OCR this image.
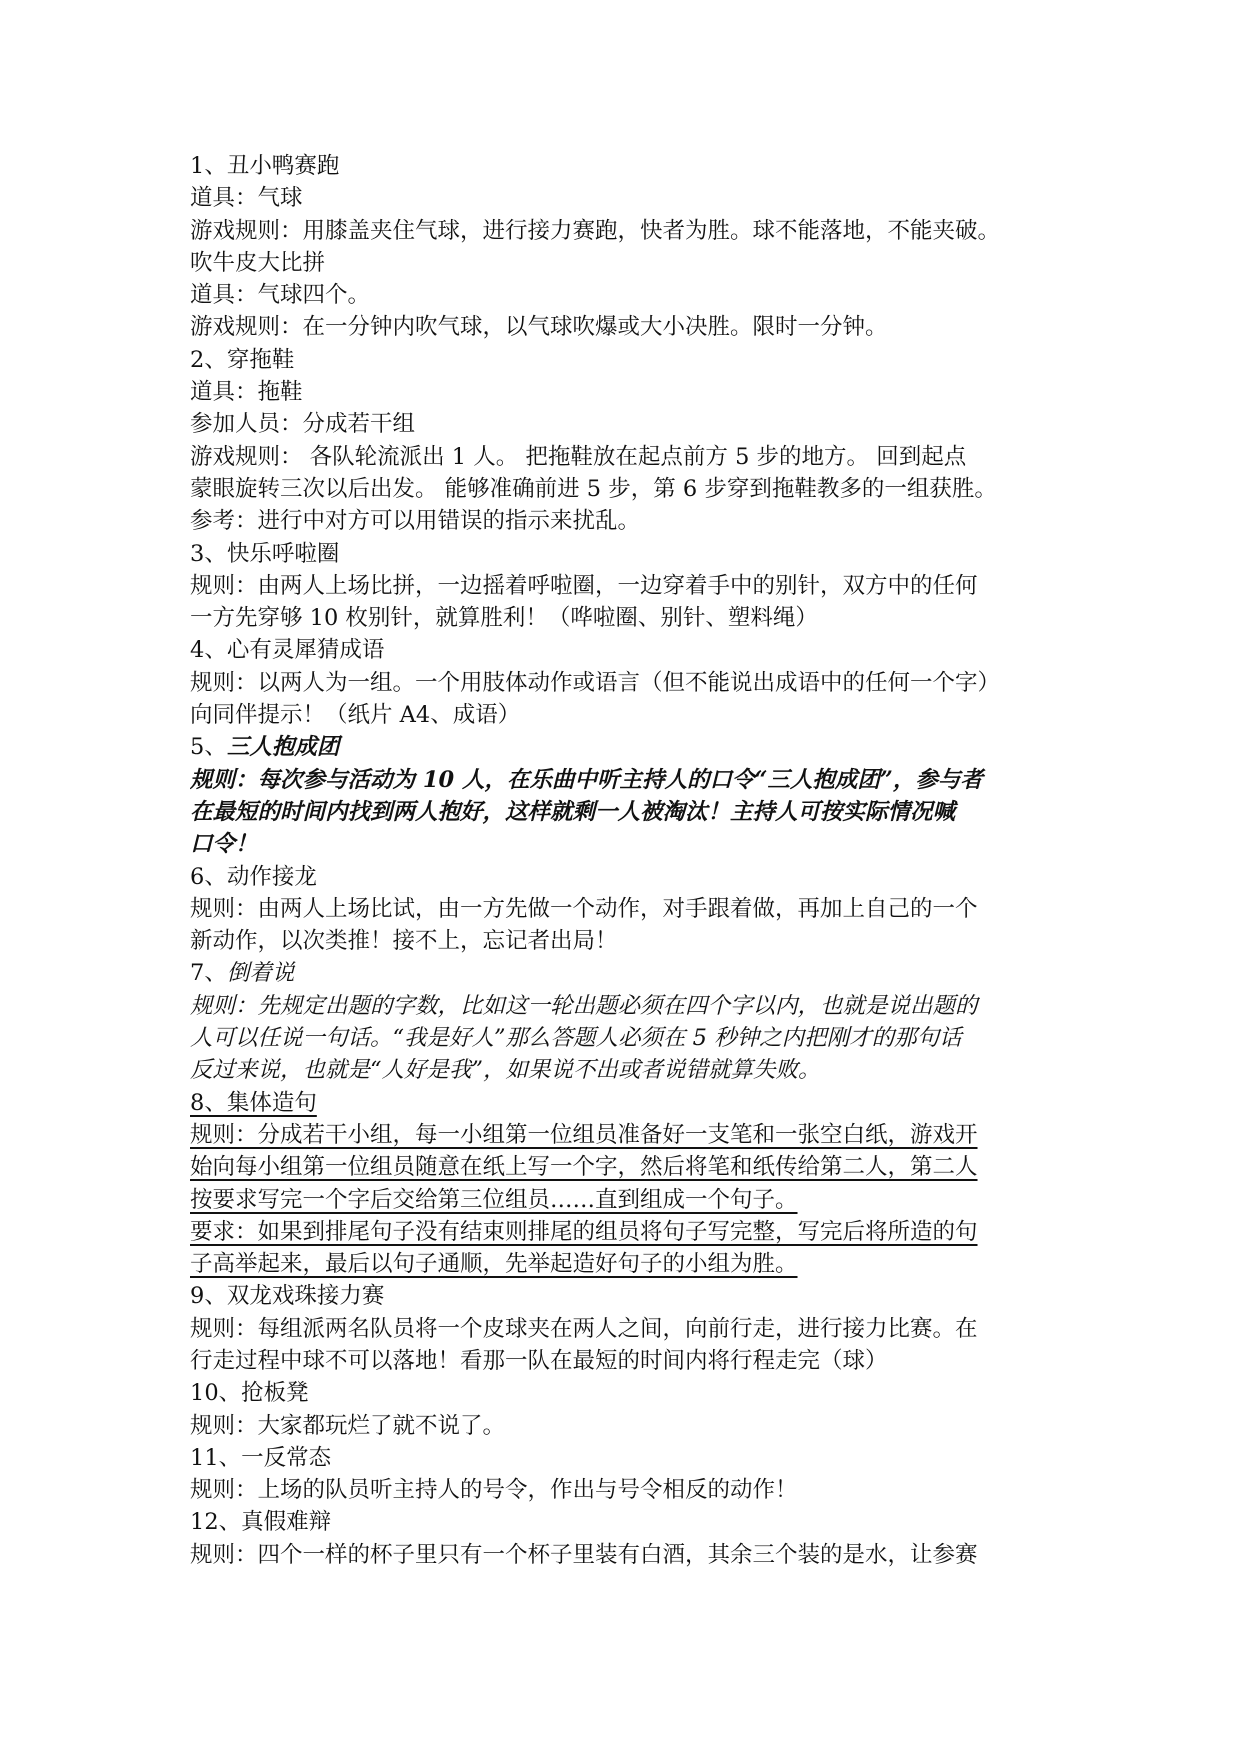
1、丑小鸭赛跑
道具：气球
游戏规则：用膝盖夹住气球，进行接力赛跑，快者为胜。球不能落地，不能夹破。
吹牛皮大比拼
道具：气球四个。
游戏规则：在一分钟内吹气球，以气球吹爆或大小决胜。限时一分钟。
2、穿拖鞋
道具：拖鞋
参加人员：分成若干组
游戏规则： 各队轮流派出 1 人。 把拖鞋放在起点前方 5 步的地方。 回到起点
蒙眼旋转三次以后出发。 能够准确前进 5 步，第 6 步穿到拖鞋教多的一组获胜。
参考：进行中对方可以用错误的指示来扰乱。
3、快乐呼啦圈
规则：由两人上场比拼，一边摇着呼啦圈，一边穿着手中的别针，双方中的任何
一方先穿够 10 枚别针，就算胜利！（哗啦圈、别针、塑料绳）
4、心有灵犀猜成语
规则：以两人为一组。一个用肢体动作或语言（但不能说出成语中的任何一个字）
向同伴提示！（纸片 A4、成语）
5、三人抱成团
规则：每次参与活动为 10 人，在乐曲中听主持人的口令“三人抱成团”，参与者
在最短的时间内找到两人抱好，这样就剩一人被淘汰！主持人可按实际情况喊
口令！
6、动作接龙
规则：由两人上场比试，由一方先做一个动作，对手跟着做，再加上自己的一个
新动作，以次类推！接不上，忘记者出局！
7、倒着说
规则：先规定出题的字数，比如这一轮出题必须在四个字以内，也就是说出题的
人可以任说一句话。“我是好人”那么答题人必须在 5 秒钟之内把刚才的那句话
反过来说，也就是“人好是我”，如果说不出或者说错就算失败。
8、集体造句
规则：分成若干小组，每一小组第一位组员准备好一支笔和一张空白纸，游戏开
始向每小组第一位组员随意在纸上写一个字，然后将笔和纸传给第二人，第二人
按要求写完一个字后交给第三位组员……直到组成一个句子。
要求：如果到排尾句子没有结束则排尾的组员将句子写完整，写完后将所造的句
子高举起来，最后以句子通顺，先举起造好句子的小组为胜。
9、双龙戏珠接力赛
规则：每组派两名队员将一个皮球夹在两人之间，向前行走，进行接力比赛。在
行走过程中球不可以落地！看那一队在最短的时间内将行程走完（球）
10、抢板凳
规则：大家都玩烂了就不说了。
11、一反常态
规则：上场的队员听主持人的号令，作出与号令相反的动作！
12、真假难辩
规则：四个一样的杯子里只有一个杯子里装有白酒，其余三个装的是水，让参赛
